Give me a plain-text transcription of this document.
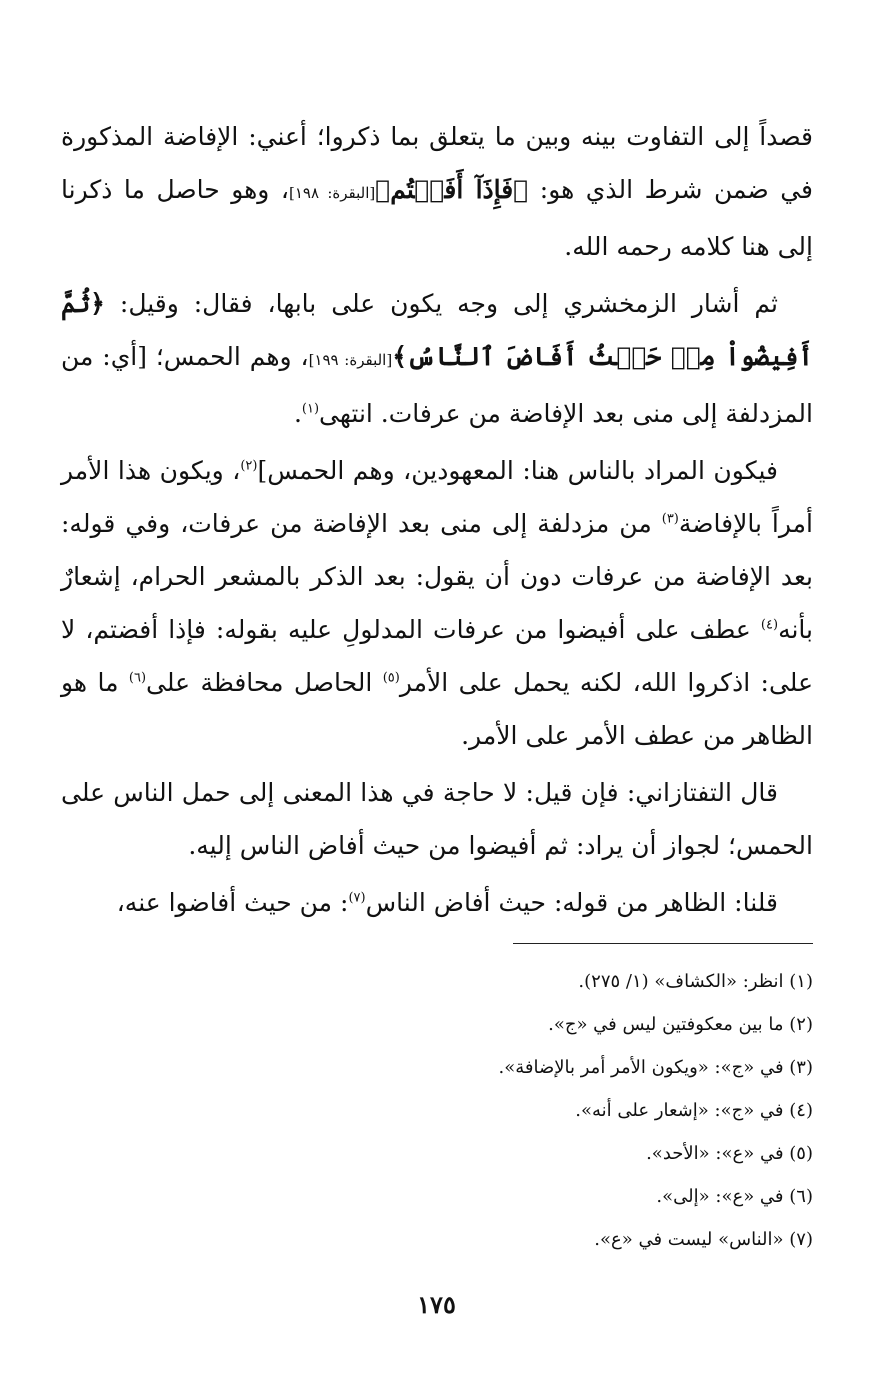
قصداً إلى التفاوت بينه وبين ما يتعلق بما ذكروا؛ أعني: الإفاضة المذكورة في ضمن شرط الذي هو: ﴿فَإِذَآ أَفَضۡتُم﴾[البقرة: ١٩٨]، وهو حاصل ما ذكرنا إلى هنا كلامه رحمه الله.

ثم أشار الزمخشري إلى وجه يكون على بابها، فقال: وقيل: ﴿ثُمَّ أَفِيضُواْ مِنۡ حَيۡثُ أَفَاضَ ٱلنَّاسُ﴾[البقرة: ١٩٩]، وهم الحمس؛ [أي: من المزدلفة إلى منى بعد الإفاضة من عرفات. انتهى$^{(١)}$.

فيكون المراد بالناس هنا: المعهودين، وهم الحمس]$^{(٢)}$، ويكون هذا الأمر أمراً بالإفاضة$^{(٣)}$ من مزدلفة إلى منى بعد الإفاضة من عرفات، وفي قوله: بعد الإفاضة من عرفات دون أن يقول: بعد الذكر بالمشعر الحرام، إشعارٌ بأنه$^{(٤)}$ عطف على أفيضوا من عرفات المدلولِ عليه بقوله: فإذا أفضتم، لا على: اذكروا الله، لكنه يحمل على الأمر$^{(٥)}$ الحاصل محافظة على$^{(٦)}$ ما هو الظاهر من عطف الأمر على الأمر.

قال التفتازاني: فإن قيل: لا حاجة في هذا المعنى إلى حمل الناس على الحمس؛ لجواز أن يراد: ثم أفيضوا من حيث أفاض الناس إليه.

قلنا: الظاهر من قوله: حيث أفاض الناس$^{(٧)}$: من حيث أفاضوا عنه،

(١) انظر: «الكشاف» (١/ ٢٧٥).
(٢) ما بين معكوفتين ليس في «ج».
(٣) في «ج»: «ويكون الأمر أمر بالإضافة».
(٤) في «ج»: «إشعار على أنه».
(٥) في «ع»: «الأحد».
(٦) في «ع»: «إلى».
(٧) «الناس» ليست في «ع».
١٧٥
